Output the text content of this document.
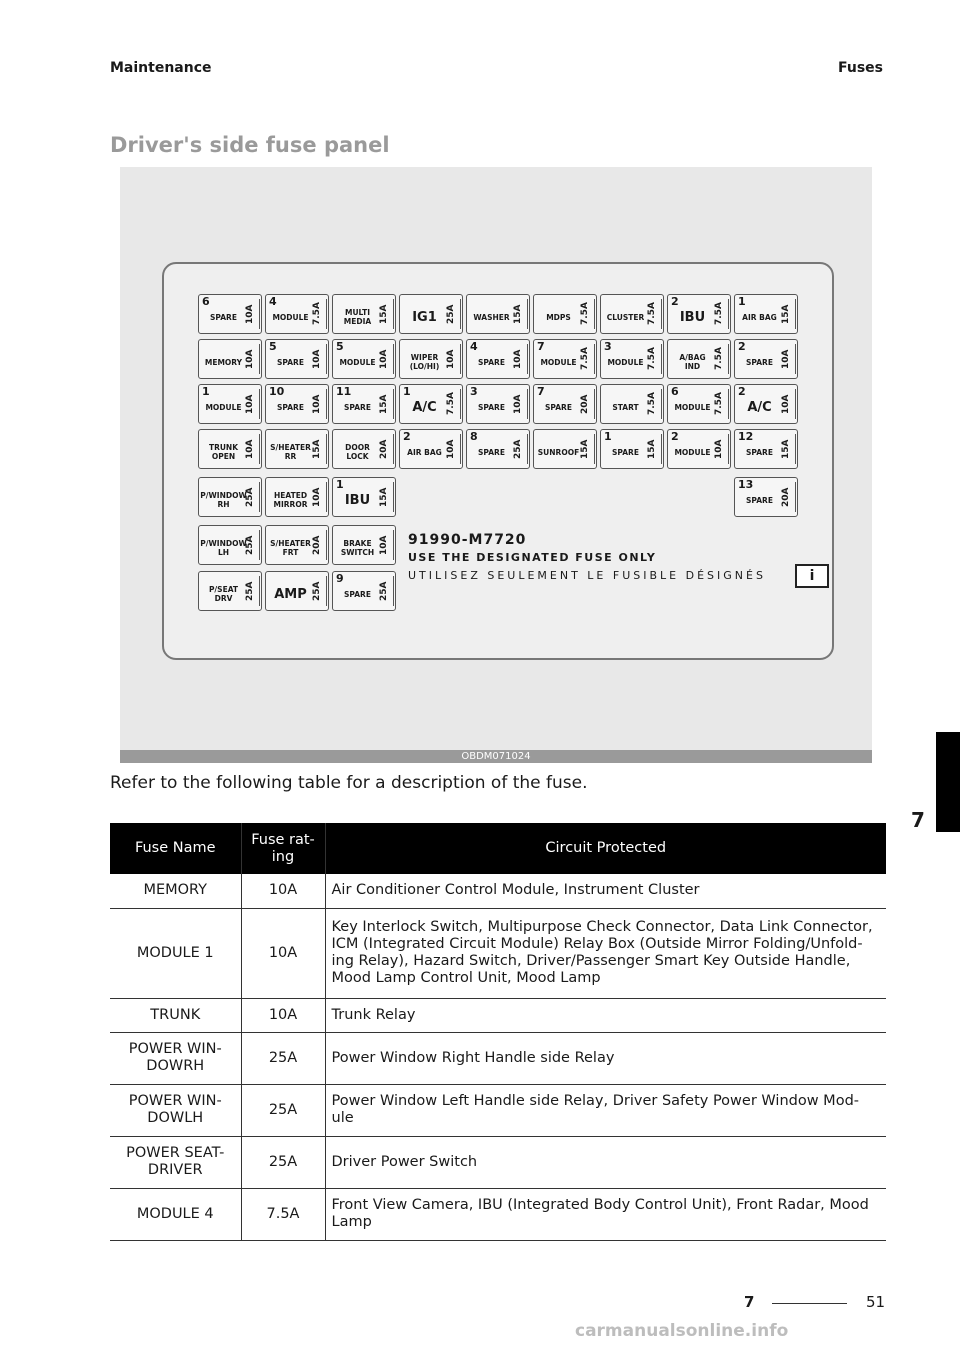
Maintenance	Fuses
Driver's side fuse panel
91990-M7720
USE THE DESIGNATED FUSE ONLY
UTILISEZ SEULEMENT LE FUSIBLE DÉSIGNÉS	i
6
SPARE 10A
4
MODULE 7.5A	MULTI MEDIA 15A	IG1	25A	WASHER 15A	MDPS	7.5A	CLUSTER 7.5A
2
IBU 7.5A
1
AIR BAG 15A
MEMORY 10A
5
SPARE 10A
5
MODULE 10A	WIPER (LO/HI) 10A
4
SPARE 10A
7
MODULE 7.5A
3
MODULE 7.5A	A/BAG IND	7.5A
2
SPARE 10A
1
MODULE 10A
10
SPARE 10A
11
SPARE 15A
1
A/C	7.5A
3
SPARE 10A
7
SPARE 20A	START 7.5A
6
MODULE 7.5A
2
A/C	10A
TRUNK OPEN	10A	S/HEATER RR	15A	DOOR LOCK	20A
2
AIR BAG 10A
8
SPARE 25A	SUNROOF 15A
1
SPARE 15A
2
MODULE 10A
12
SPARE 15A
P/WINDOW RH	25A	HEATED MIRROR 10A
1
IBU 15A
13
SPARE 20A
P/WINDOW LH	25A	S/HEATER FRT	20A	BRAKE SWITCH 10A
P/SEAT DRV	25A	AMP 25A
9
SPARE 25A
OBDM071024
Refer to the following table for a description of the fuse.
Fuse Name	Fuse rat-ing	Circuit Protected
MEMORY	10A	Air Conditioner Control Module, Instrument Cluster
MODULE 1	10A	Key Interlock Switch, Multipurpose Check Connector, Data Link Connector, ICM (Integrated Circuit Module) Relay Box (Outside Mirror Folding/Unfold-ing Relay), Hazard Switch, Driver/Passenger Smart Key Outside Handle, Mood Lamp Control Unit, Mood Lamp
TRUNK	10A	Trunk Relay
POWER WIN-DOWRH	25A	Power Window Right Handle side Relay
POWER WIN-DOWLH	25A	Power Window Left Handle side Relay, Driver Safety Power Window Mod-ule
POWER SEAT-DRIVER	25A	Driver Power Switch
MODULE 4	7.5A	Front View Camera, IBU (Integrated Body Control Unit), Front Radar, Mood Lamp
7
7	51
carmanualsonline.info
